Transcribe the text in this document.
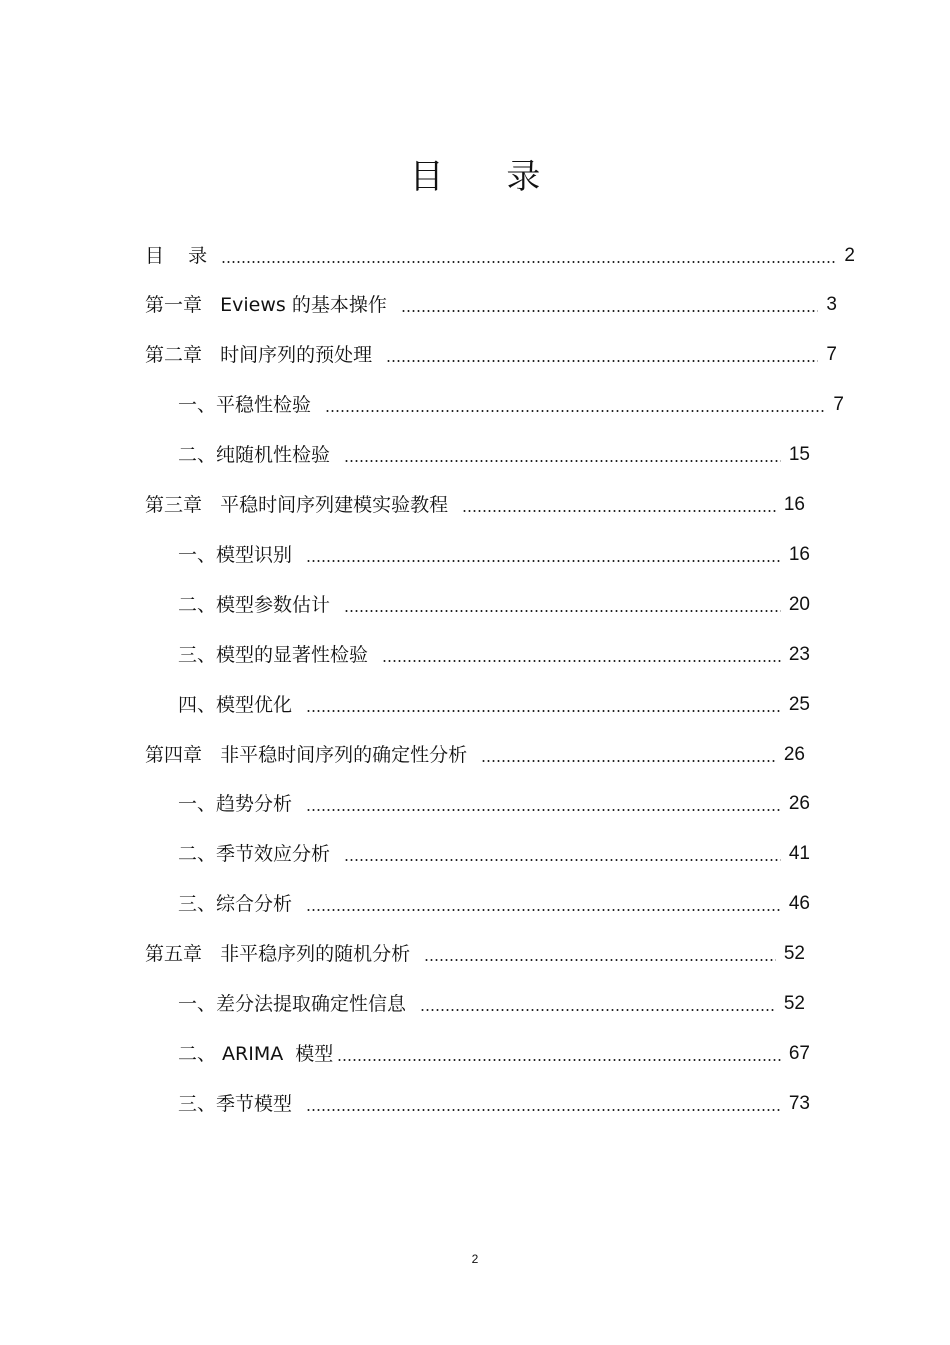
目 录
目    录	2
第一章   Eviews 的基本操作	3
第二章   时间序列的预处理	7
一、平稳性检验	7
二、纯随机性检验	15
第三章   平稳时间序列建模实验教程	16
一、模型识别	16
二、模型参数估计	20
三、模型的显著性检验	23
四、模型优化	25
第四章   非平稳时间序列的确定性分析	26
一、趋势分析	26
二、季节效应分析	41
三、综合分析	46
第五章   非平稳序列的随机分析	52
一、差分法提取确定性信息	52
二、 ARIMA  模型	67
三、季节模型	73
2
